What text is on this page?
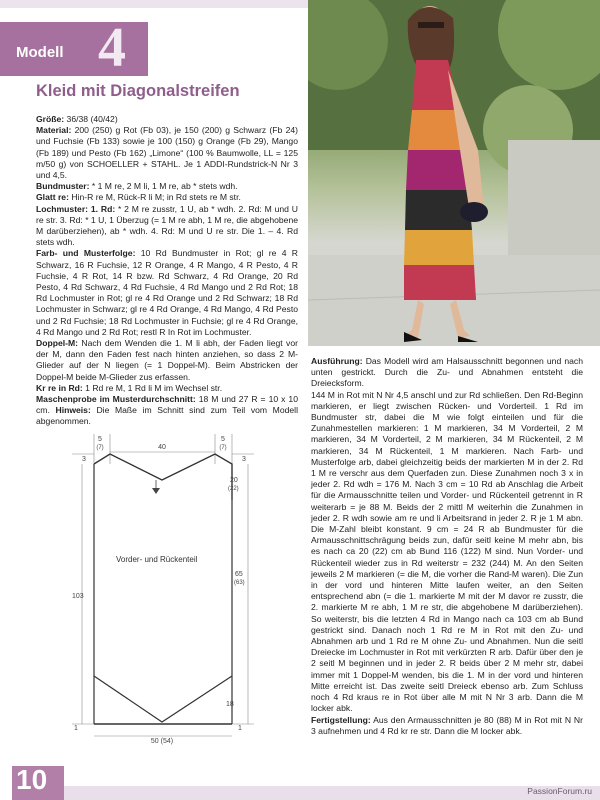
Modell 4
Kleid mit Diagonalstreifen

Größe: 36/38 (40/42)

Material: 200 (250) g Rot (Fb 03), je 150 (200) g Schwarz (Fb 24) und Fuchsie (Fb 133) sowie je 100 (150) g Orange (Fb 29), Mango (Fb 189) und Pesto (Fb 162) „Limone“ (100 % Baumwolle, LL = 125 m/50 g) von SCHOELLER + STAHL. Je 1 ADDI-Rundstrick-N Nr 3 und 4,5.

Bundmuster: * 1 M re, 2 M li, 1 M re, ab * stets wdh.

Glatt re: Hin-R re M, Rück-R li M; in Rd stets re M str.

Lochmuster: 1. Rd: * 2 M re zusstr, 1 U, ab * wdh. 2. Rd: M und U re str. 3. Rd: * 1 U, 1 Überzug (= 1 M re abh, 1 M re, die abgehobene M darüberziehen), ab * wdh. 4. Rd: M und U re str. Die 1. – 4. Rd stets wdh.

Farb- und Musterfolge: 10 Rd Bundmuster in Rot; gl re 4 R Schwarz, 16 R Fuchsie, 12 R Orange, 4 R Mango, 4 R Pesto, 4 R Fuchsie, 4 R Rot, 14 R bzw. Rd Schwarz, 4 Rd Orange, 20 Rd Pesto, 4 Rd Schwarz, 4 Rd Fuchsie, 4 Rd Mango und 2 Rd Rot; 18 Rd Lochmuster in Rot; gl re 4 Rd Orange und 2 Rd Schwarz; 18 Rd Lochmuster in Schwarz; gl re 4 Rd Orange, 4 Rd Mango, 4 Rd Pesto und 2 Rd Fuchsie; 18 Rd Lochmuster in Fuchsie; gl re 4 Rd Orange, 4 Rd Mango und 2 Rd Rot; restl R In Rot im Lochmuster.

Doppel-M: Nach dem Wenden die 1. M li abh, der Faden liegt vor der M, dann den Faden fest nach hinten anziehen, so dass 2 M-Glieder auf der N liegen (= 1 Doppel-M). Beim Abstricken der Doppel-M beide M-Glieder zus erfassen.

Kr re in Rd: 1 Rd re M, 1 Rd li M im Wechsel str.

Maschenprobe im Musterdurchschnitt: 18 M und 27 R = 10 x 10 cm. Hinweis: Die Maße im Schnitt sind zum Teil vom Modell abgenommen.

5
(7)	40
5
(7)
3	3
20
(22)
Vorder- und Rückenteil
65
(63)
103
18
1	1
50 (54)

Ausführung: Das Modell wird am Halsausschnitt begonnen und nach unten gestrickt. Durch die Zu- und Abnahmen entsteht die Dreiecksform.

144 M in Rot mit N Nr 4,5 anschl und zur Rd schließen. Den Rd-Beginn markieren, er liegt zwischen Rücken- und Vorderteil. 1 Rd im Bundmuster str, dabei die M wie folgt einteilen und für die Zunahmestellen markieren: 1 M markieren, 34 M Vorderteil, 2 M markieren, 34 M Vorderteil, 2 M markieren, 34 M Rückenteil, 2 M markieren, 34 M Rückenteil, 1 M markieren. Nach Farb- und Musterfolge arb, dabei gleichzeitig beids der markierten M in der 2. Rd 1 M re verschr aus dem Querfaden zun. Diese Zunahmen noch 3 x in jeder 2. Rd wdh = 176 M. Nach 3 cm = 10 Rd ab Anschlag die Arbeit für die Armausschnitte teilen und Vorder- und Rückenteil getrennt in R weiterarb = je 88 M. Beids der 2 mittl M weiterhin die Zunahmen in jeder 2. R wdh sowie am re und li Arbeitsrand in jeder 2. R je 1 M abn. Die M-Zahl bleibt konstant. 9 cm = 24 R ab Bundmuster für die Armausschnittschrägung beids zun, dafür seitl keine M mehr abn, bis es nach ca 20 (22) cm ab Bund 116 (122) M sind. Nun Vorder- und Rückenteil wieder zus in Rd weiterstr = 232 (244) M. An den Seiten jeweils 2 M markieren (= die M, die vorher die Rand-M waren). Die Zun in der vord und hinteren Mitte laufen weiter, an den Seiten entsprechend abn (= die 1. markierte M mit der M davor re zusstr, die 2. markierte M re abh, 1 M re str, die abgehobene M darüberziehen). So weiterstr, bis die letzten 4 Rd in Mango nach ca 103 cm ab Bund gestrickt sind. Danach noch 1 Rd re M in Rot mit den Zu- und Abnahmen arb und 1 Rd re M ohne Zu- und Abnahmen. Nun die seitl Dreiecke im Lochmuster in Rot mit verkürzten R arb. Dafür über den je 2 seitl M beginnen und in jeder 2. R beids über 2 M mehr str, dabei immer mit 1 Doppel-M wenden, bis die 1. M in der vord und hinteren Mitte erreicht ist. Das zweite seitl Dreieck ebenso arb. Zum Schluss noch 4 Rd kraus re in Rot über alle M mit N Nr 3 arb. Dann die M locker abk.

Fertigstellung: Aus den Armausschnitten je 80 (88) M in Rot mit N Nr 3 aufnehmen und 4 Rd kr re str. Dann die M locker abk.

10	PassionForum.ru
